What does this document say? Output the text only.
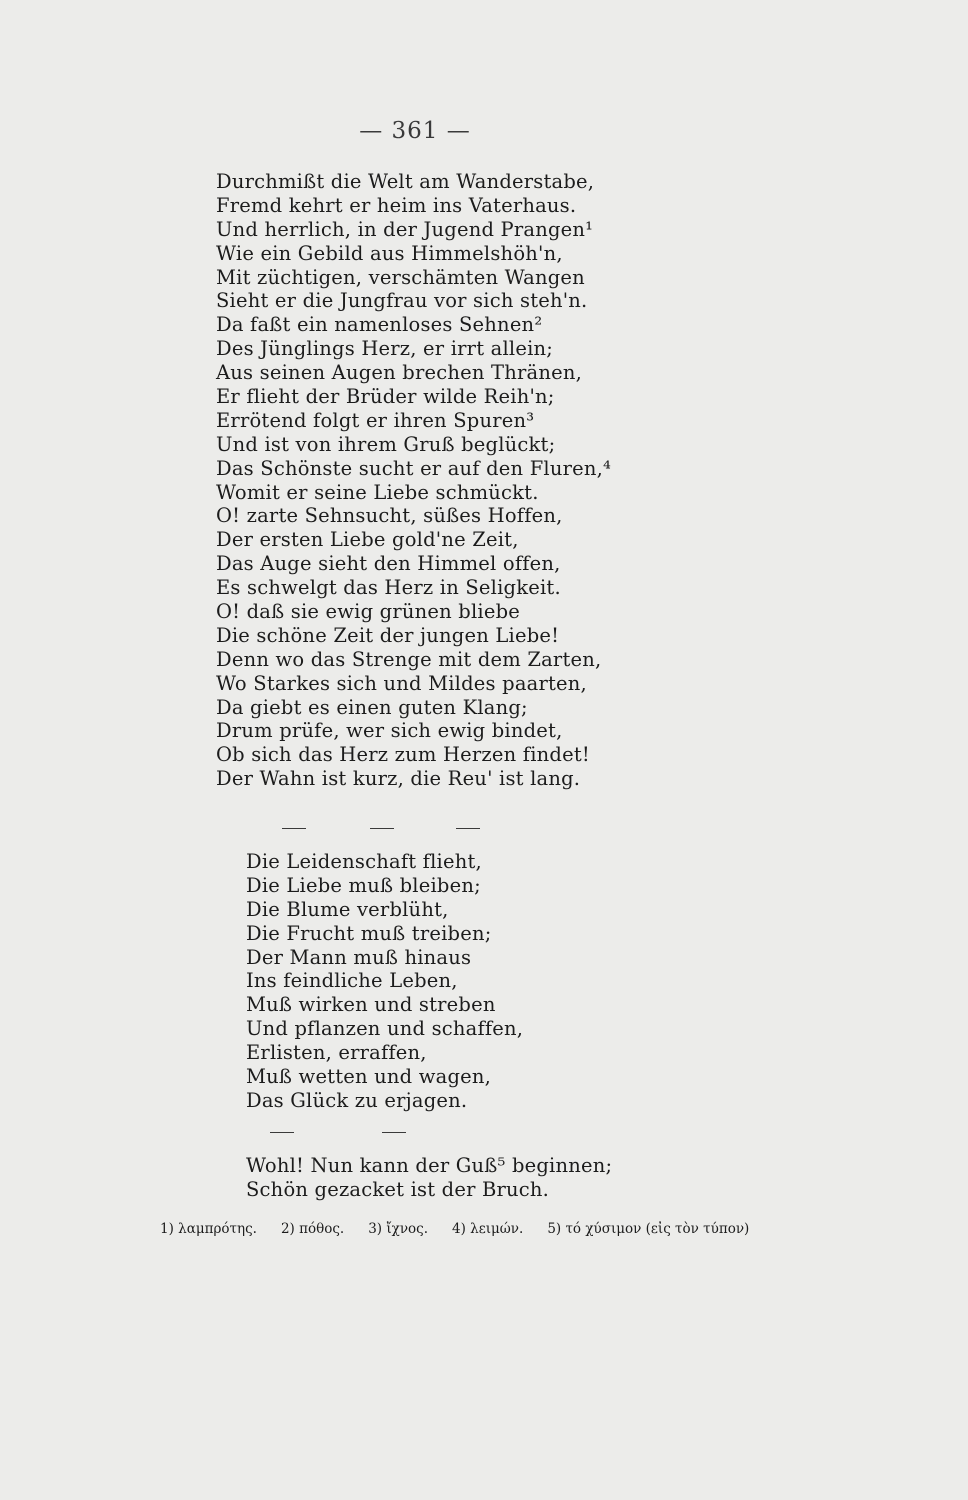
— 361 —
Durchmißt die Welt am Wanderstabe,
Fremd kehrt er heim ins Vaterhaus.
Und herrlich, in der Jugend Prangen¹
Wie ein Gebild aus Himmelshöh'n,
Mit züchtigen, verschämten Wangen
Sieht er die Jungfrau vor sich steh'n.
Da faßt ein namenloses Sehnen²
Des Jünglings Herz, er irrt allein;
Aus seinen Augen brechen Thränen,
Er flieht der Brüder wilde Reih'n;
Errötend folgt er ihren Spuren³
Und ist von ihrem Gruß beglückt;
Das Schönste sucht er auf den Fluren,⁴
Womit er seine Liebe schmückt.
O! zarte Sehnsucht, süßes Hoffen,
Der ersten Liebe gold'ne Zeit,
Das Auge sieht den Himmel offen,
Es schwelgt das Herz in Seligkeit.
O! daß sie ewig grünen bliebe
Die schöne Zeit der jungen Liebe!
Denn wo das Strenge mit dem Zarten,
Wo Starkes sich und Mildes paarten,
Da giebt es einen guten Klang;
Drum prüfe, wer sich ewig bindet,
Ob sich das Herz zum Herzen findet!
Der Wahn ist kurz, die Reu' ist lang.
Die Leidenschaft flieht,
Die Liebe muß bleiben;
Die Blume verblüht,
Die Frucht muß treiben;
Der Mann muß hinaus
Ins feindliche Leben,
Muß wirken und streben
Und pflanzen und schaffen,
Erlisten, erraffen,
Muß wetten und wagen,
Das Glück zu erjagen.
Wohl! Nun kann der Guß⁵ beginnen;
Schön gezacket ist der Bruch.
1) λαμπρότης. 2) πόθος. 3) ἴχνος. 4) λειμών. 5) τό χύσιμον (εἰς τὸν τύπον)
